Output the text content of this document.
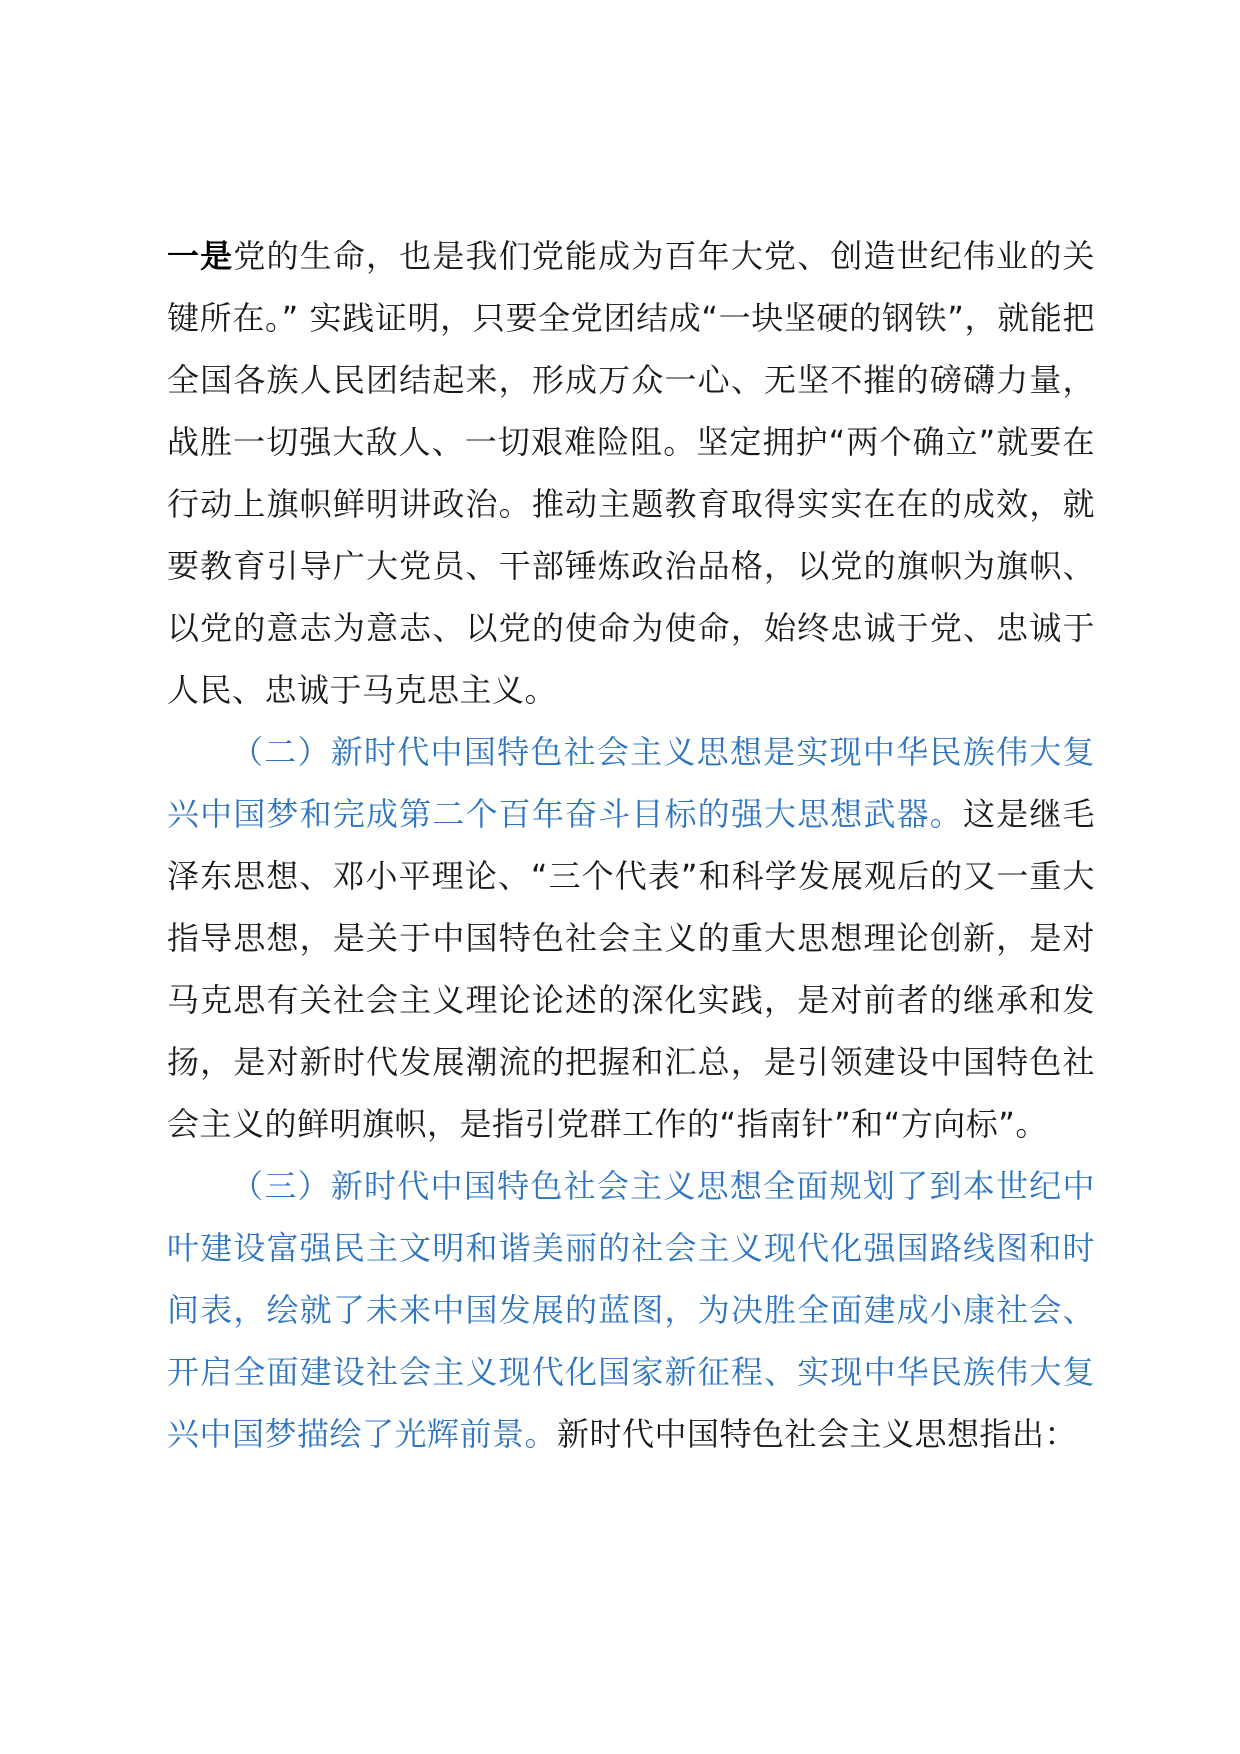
一是党的生命，也是我们党能成为百年大党、创造世纪伟业的关键所在。” 实践证明，只要全党团结成“一块坚硬的钢铁”，就能把全国各族人民团结起来，形成万众一心、无坚不摧的磅礴力量，战胜一切强大敌人、一切艰难险阻。坚定拥护“两个确立”就要在行动上旗帜鲜明讲政治。推动主题教育取得实实在在的成效，就要教育引导广大党员、干部锤炼政治品格，以党的旗帜为旗帜、以党的意志为意志、以党的使命为使命，始终忠诚于党、忠诚于人民、忠诚于马克思主义。

（二）新时代中国特色社会主义思想是实现中华民族伟大复兴中国梦和完成第二个百年奋斗目标的强大思想武器。这是继毛泽东思想、邓小平理论、“三个代表”和科学发展观后的又一重大指导思想，是关于中国特色社会主义的重大思想理论创新，是对马克思有关社会主义理论论述的深化实践，是对前者的继承和发扬，是对新时代发展潮流的把握和汇总，是引领建设中国特色社会主义的鲜明旗帜，是指引党群工作的“指南针”和“方向标”。

（三）新时代中国特色社会主义思想全面规划了到本世纪中叶建设富强民主文明和谐美丽的社会主义现代化强国路线图和时间表，绘就了未来中国发展的蓝图，为决胜全面建成小康社会、开启全面建设社会主义现代化国家新征程、实现中华民族伟大复兴中国梦描绘了光辉前景。新时代中国特色社会主义思想指出：
